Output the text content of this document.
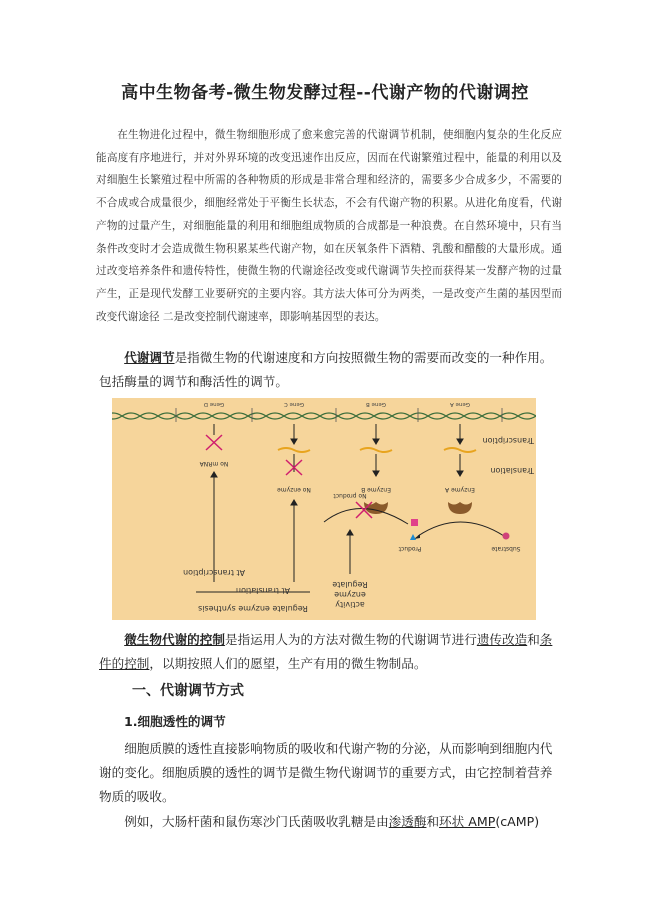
高中生物备考-微生物发酵过程--代谢产物的代谢调控
在生物进化过程中，微生物细胞形成了愈来愈完善的代谢调节机制，使细胞内复杂的生化反应能高度有序地进行，并对外界环境的改变迅速作出反应，因而在代谢繁殖过程中，能量的利用以及对细胞生长繁殖过程中所需的各种物质的形成是非常合理和经济的，需要多少合成多少，不需要的不合成或合成量很少，细胞经常处于平衡生长状态，不会有代谢产物的积累。从进化角度看，代谢产物的过量产生，对细胞能量的利用和细胞组成物质的合成都是一种浪费。在自然环境中，只有当条件改变时才会造成微生物积累某些代谢产物，如在厌氧条件下酒精、乳酸和醋酸的大量形成。通过改变培养条件和遗传特性，使微生物的代谢途径改变或代谢调节失控而获得某一发酵产物的过量产生，正是现代发酵工业要研究的主要内容。其方法大体可分为两类，一是改变产生菌的基因型而改变代谢途径 二是改变控制代谢速率，即影响基因型的表达。
代谢调节是指微生物的代谢速度和方向按照微生物的需要而改变的一种作用。包括酶量的调节和酶活性的调节。
Gene A
Gene B
Gene C
Gene D
Transcription
Translation
No mRNA
Enzyme A
Enzyme B
No enzyme
Substrate
Product
No product
At transcription
At translation
Regulate enzyme synthesis
Regulate
enzyme
activity
微生物代谢的控制是指运用人为的方法对微生物的代谢调节进行遗传改造和条件的控制，以期按照人们的愿望，生产有用的微生物制品。
一、代谢调节方式
1.细胞透性的调节
细胞质膜的透性直接影响物质的吸收和代谢产物的分泌，从而影响到细胞内代谢的变化。细胞质膜的透性的调节是微生物代谢调节的重要方式，由它控制着营养物质的吸收。
例如，大肠杆菌和鼠伤寒沙门氏菌吸收乳糖是由渗透酶和环状 AMP(cAMP)
